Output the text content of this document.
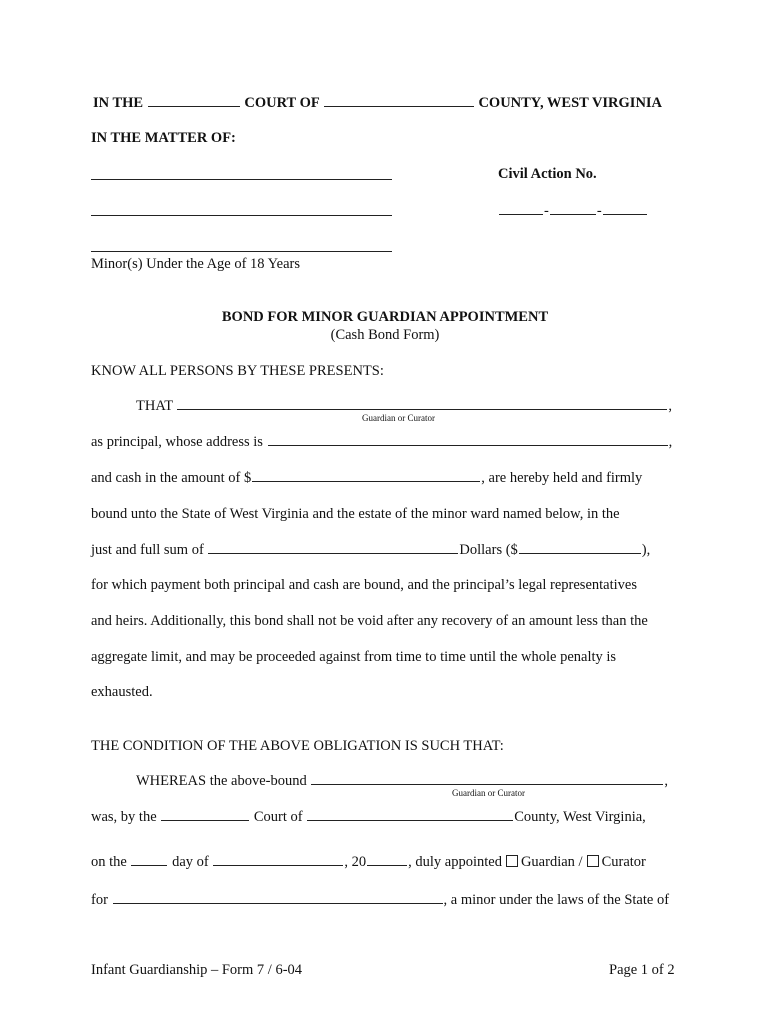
IN THE	COURT OF	COUNTY, WEST VIRGINIA
IN THE MATTER OF:
Civil Action No.
-	-
Minor(s) Under the Age of 18 Years
BOND FOR MINOR GUARDIAN APPOINTMENT
(Cash Bond Form)
KNOW ALL PERSONS BY THESE PRESENTS:
THAT	,
Guardian or Curator
as principal, whose address is	,
and cash in the amount of $	, are hereby held and firmly
bound unto the State of West Virginia and the estate of the minor ward named below, in the
just and full sum of	Dollars ($	),
for which payment both principal and cash are bound, and the principal’s legal representatives
and heirs. Additionally, this bond shall not be void after any recovery of an amount less than the
aggregate limit, and may be proceeded against from time to time until the whole penalty is
exhausted.
THE CONDITION OF THE ABOVE OBLIGATION IS SUCH THAT:
WHEREAS the above-bound	,
Guardian or Curator
was, by the	Court of	County, West Virginia,
on the	day of	, 20	, duly appointed Guardian / Curator
for	, a minor under the laws of the State of
Infant Guardianship – Form 7 / 6-04	Page 1 of 2
